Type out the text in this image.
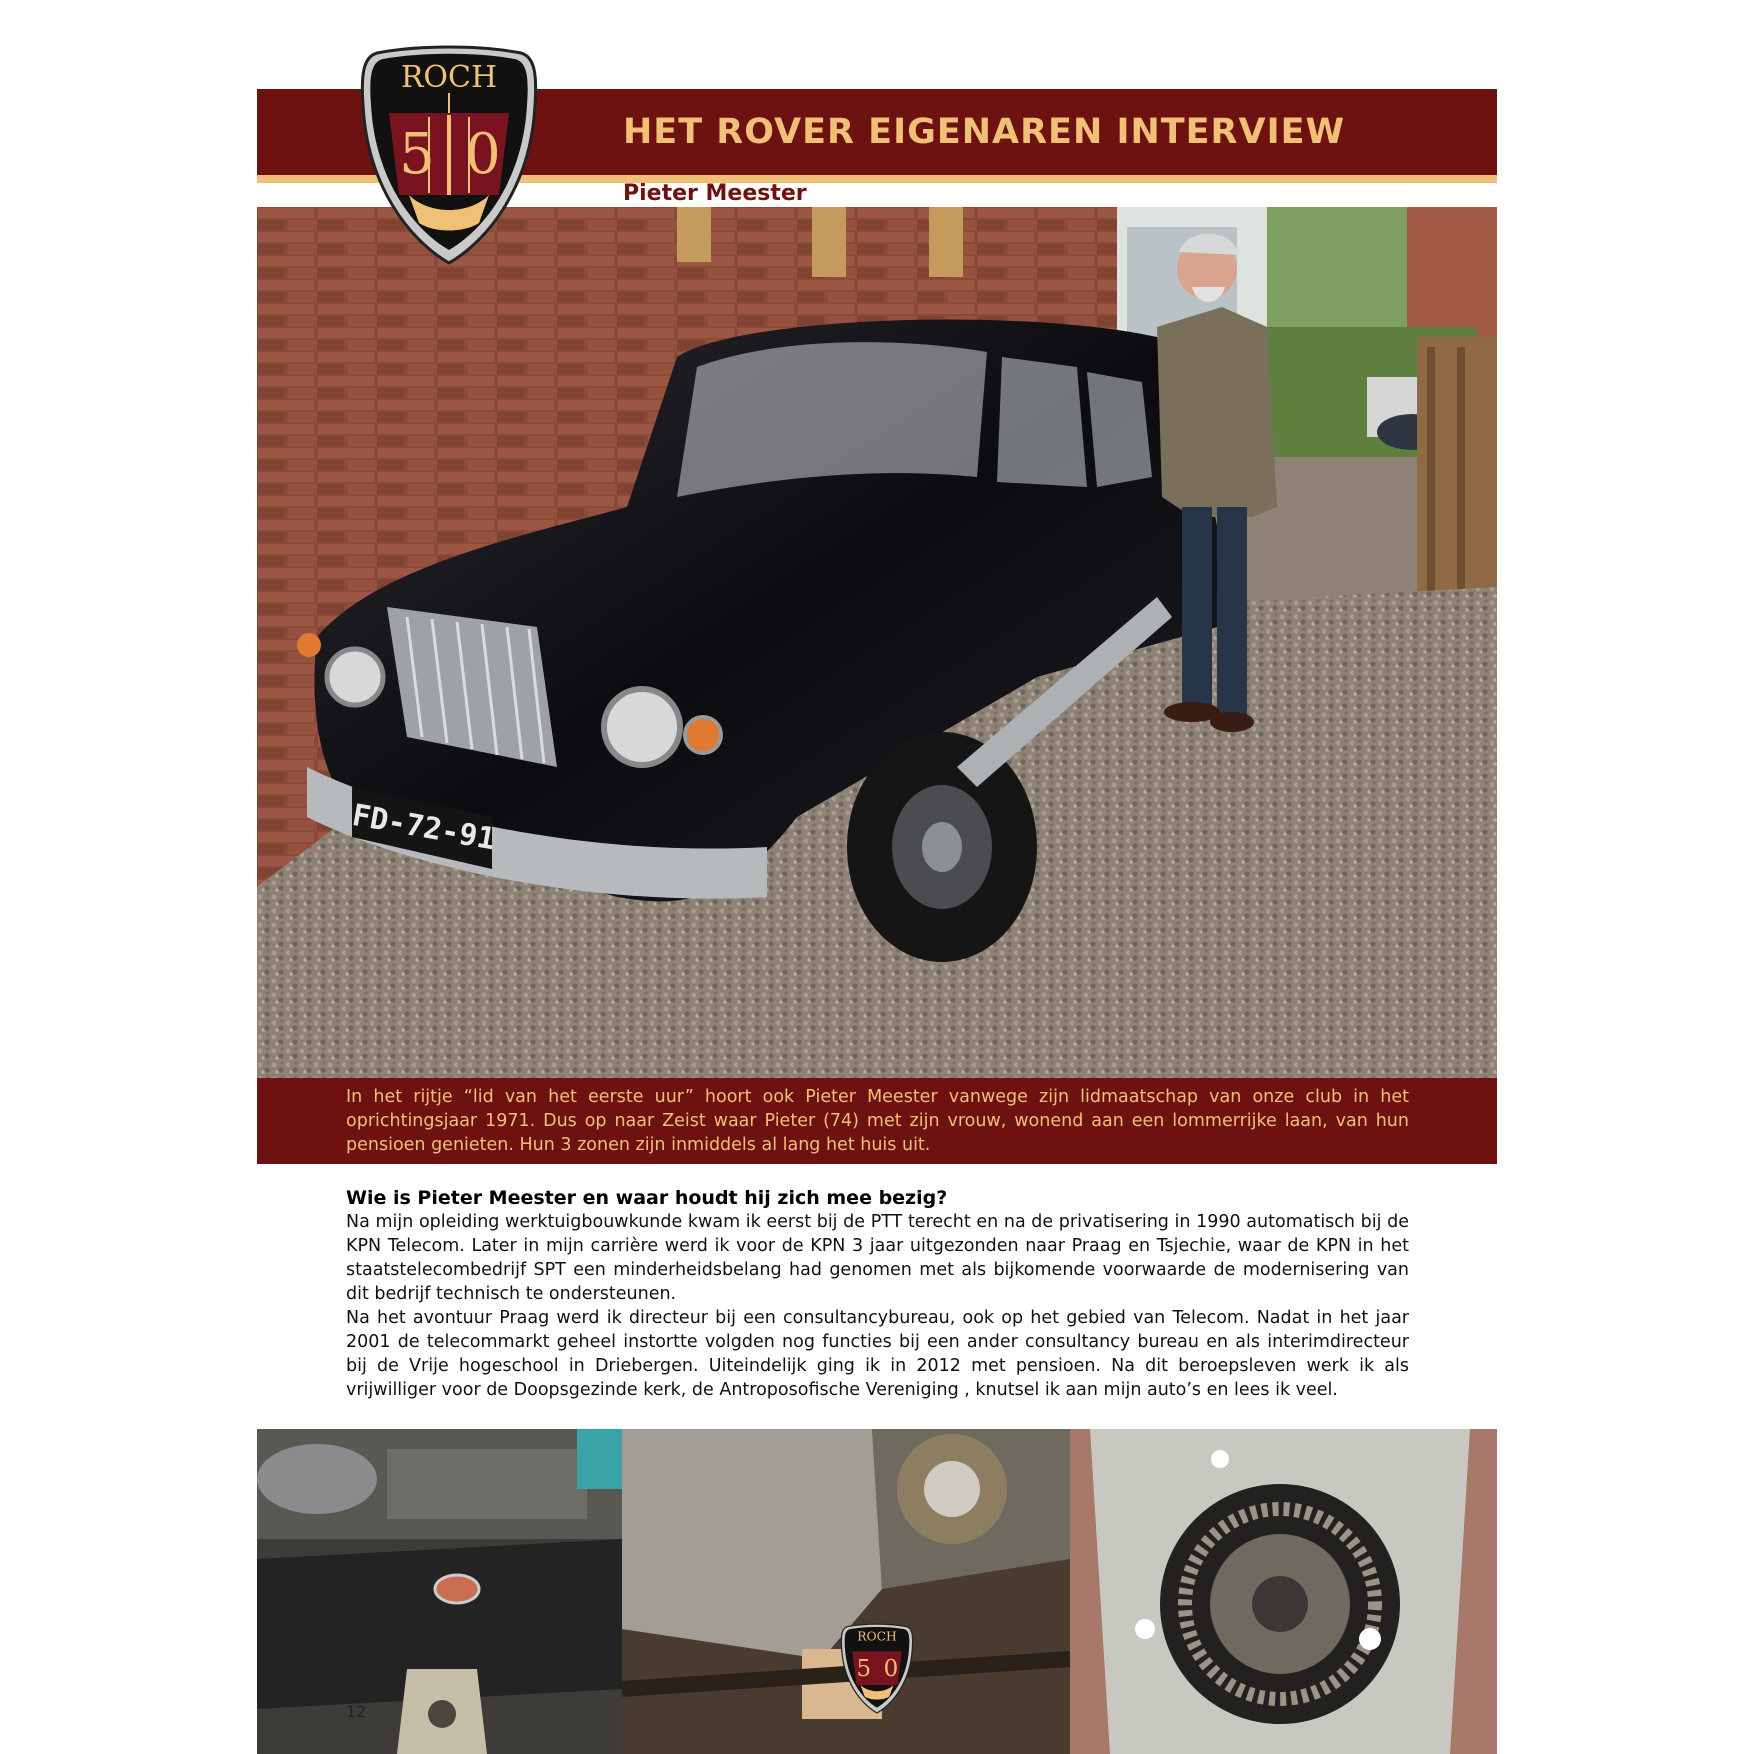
HET ROVER EIGENAREN INTERVIEW
Pieter Meester
FD-72-91
In het rijtje “lid van het eerste uur” hoort ook Pieter Meester vanwege zijn lidmaatschap van onze club in het oprichtingsjaar 1971. Dus op naar Zeist waar Pieter (74) met zijn vrouw, wonend aan een lommerrijke laan, van hun pensioen genieten. Hun 3 zonen zijn inmiddels al lang het huis uit.
Wie is Pieter Meester en waar houdt hij zich mee bezig?

Na mijn opleiding werktuigbouwkunde kwam ik eerst bij de PTT terecht en na de privatisering in 1990 automatisch bij de KPN Telecom. Later in mijn carrière werd ik voor de KPN 3 jaar uitgezonden naar Praag en Tsjechie, waar de KPN in het staatstelecombedrijf SPT een minderheidsbelang had genomen met als bijkomende voorwaarde de modernisering van dit bedrijf technisch te ondersteunen.

Na het avontuur Praag werd ik directeur bij een consultancybureau, ook op het gebied van Telecom. Nadat in het jaar 2001 de telecommarkt geheel instortte volgden nog functies bij een ander consultancy bureau en als interimdirecteur bij de Vrije hogeschool in Driebergen. Uiteindelijk ging ik in 2012 met pensioen. Na dit beroepsleven werk ik als vrijwilliger voor de Doopsgezinde kerk, de Antroposofische Vereniging , knutsel ik aan mijn auto’s en lees ik veel.

12
ROCH
5 0
ROCH
5 0
